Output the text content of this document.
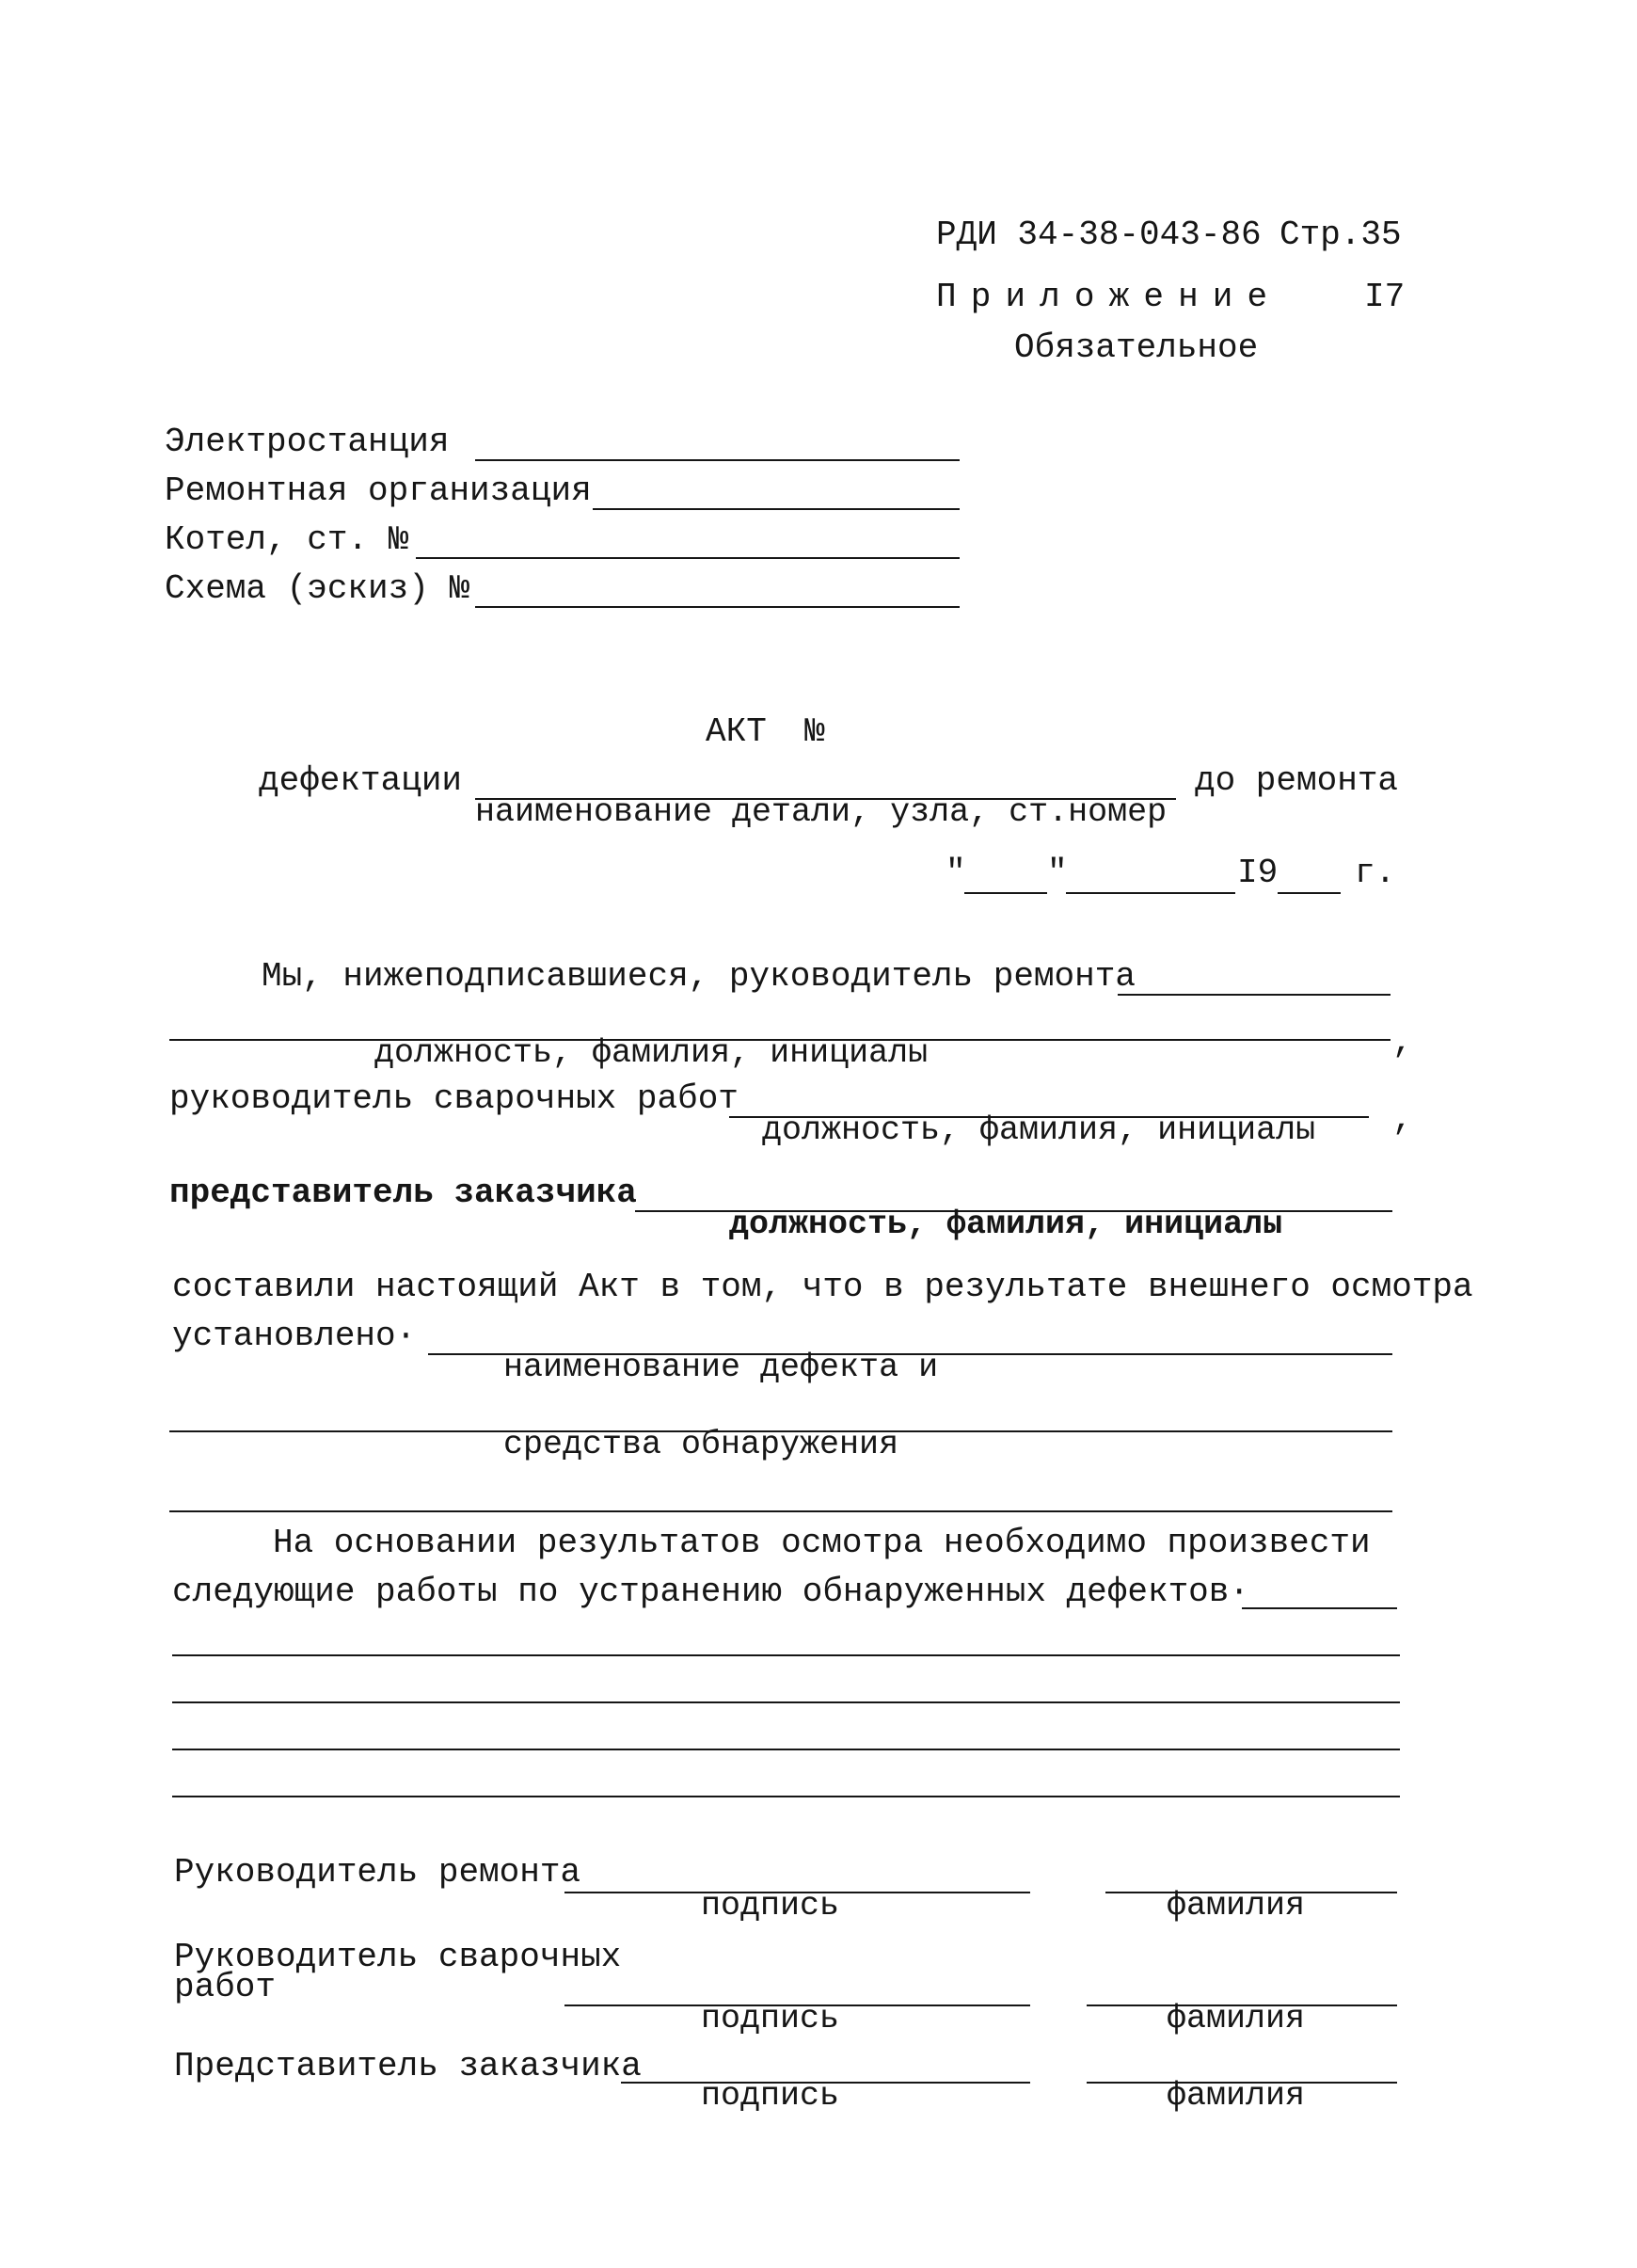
РДИ 34-38-043-86 Стр.35
Приложение I7
Обязательное
Электростанция
Ремонтная организация
Котел, ст. №
Схема (эскиз) №
АКТ №
дефектации
наименование детали, узла, ст.номер
до ремонта
" "	I9 г.
Мы, нижеподписавшиеся, руководитель ремонта
должность, фамилия, инициалы	,
руководитель сварочных работ
должность, фамилия, инициалы ,
представитель заказчика
должность, фамилия, инициалы
составили настоящий Акт в том, что в результате внешнего осмотра
установлено·
наименование дефекта и
средства обнаружения
На основании результатов осмотра необходимо произвести
следующие работы по устранению обнаруженных дефектов·
Руководитель ремонта
подпись	фамилия
Руководитель сварочных
работ
подпись	фамилия
Представитель заказчика
подпись	фамилия
